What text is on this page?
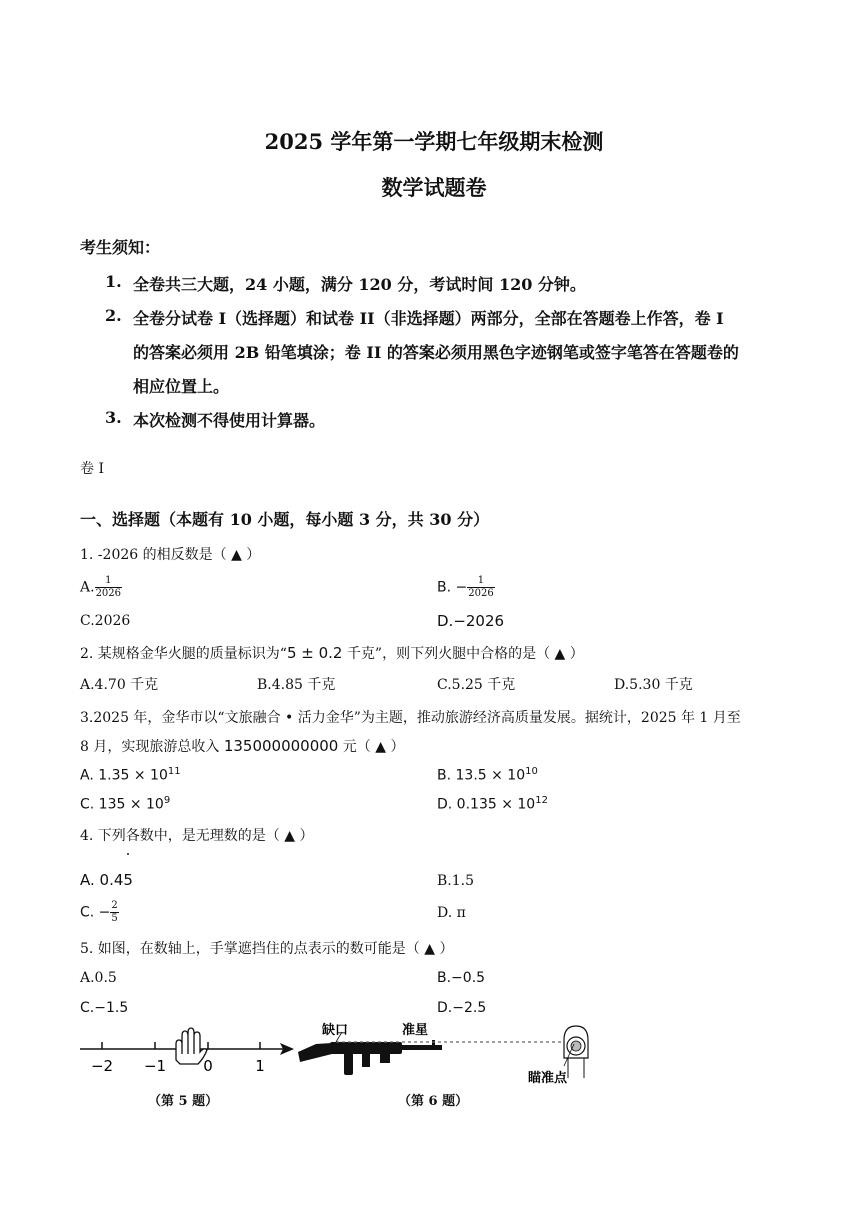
2025 学年第一学期七年级期末检测
数学试题卷
考生须知：
1. 全卷共三大题，24 小题，满分 120 分，考试时间 120 分钟。
2. 全卷分试卷 I（选择题）和试卷 II（非选择题）两部分，全部在答题卷上作答，卷 I
的答案必须用 2B 铅笔填涂；卷 II 的答案必须用黑色字迹钢笔或签字笔答在答题卷的
相应位置上。
3. 本次检测不得使用计算器。
卷 I
一、选择题（本题有 10 小题，每小题 3 分，共 30 分）
1. -2026 的相反数是（ ▲ ）
A. $\frac{1}{2026}$	B. − $\frac{1}{2026}$
C.2026	D.−2026
2. 某规格金华火腿的质量标识为“5 ± 0.2 千克”，则下列火腿中合格的是（ ▲ ）
A.4.70 千克	B.4.85 千克	C.5.25 千克	D.5.30 千克
3.2025 年，金华市以“文旅融合 • 活力金华”为主题，推动旅游经济高质量发展。据统计，2025 年 1 月至
8 月，实现旅游总收入 135000000000 元（ ▲ ）
A. $1.35 \times 10^{11}$	B. $13.5 \times 10^{10}$
C. $135 \times 10^9$	D. $0.135 \times 10^{12}$
4. 下列各数中，是无理数的是（ ▲ ）
A. 0.45	B.1.5
C. − $\frac{2}{5}$	D. π
5. 如图，在数轴上，手掌遮挡住的点表示的数可能是（ ▲ ）
A.0.5	B.−0.5
C.−1.5	D.−2.5
−2 −1 0	1
（第 5 题）
缺口	准星
瞄准点
（第 6 题）
